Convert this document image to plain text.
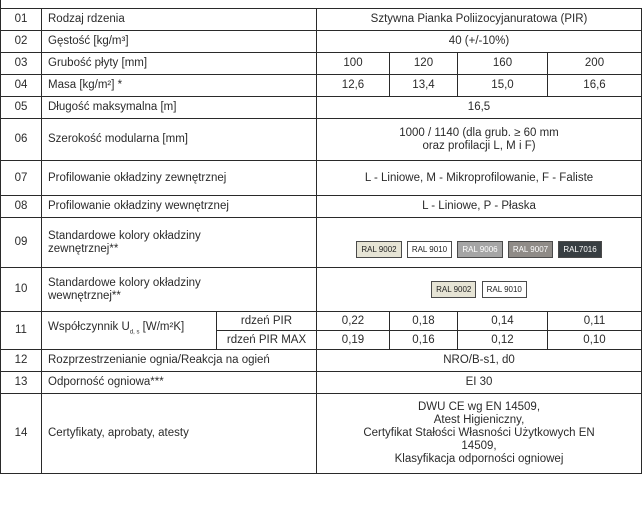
01	Rodzaj rdzenia		Sztywna Pianka Poliizocyjanuratowa (PIR)			
02	Gęstość [kg/m³]		40 (+/-10%)			
03	Grubość płyty [mm]		100	120	160	200
04	Masa [kg/m²] *		12,6	13,4	15,0	16,6
05	Długość maksymalna [m]		16,5			
06	Szerokość modularna [mm]		1000 / 1140 (dla grub. ≥ 60 mm
oraz profilacji L, M i F)			

07	Profilowanie okładziny zewnętrznej		L - Liniowe, M - Mikroprofilowanie, F - Faliste			
08	Profilowanie okładziny wewnętrznej		L - Liniowe, P - Płaska			
09	Standardowe kolory okładziny
zewnętrznej**		RAL 9002 RAL 9010 RAL 9006 RAL 9007 RAL7016			
10	Standardowe kolory okładziny
wewnętrznej**		RAL 9002 RAL 9010			
11	Współczynnik $U_{d, s}$ [W/m²K]	rdzeń PIR	0,22	0,18	0,14	0,11
		rdzeń PIR MAX	0,19	0,16	0,12	0,10
12	Rozprzestrzenianie ognia/Reakcja na ogień		NRO/B-s1, d0			
13	Odporność ogniowa***		EI 30			
14	Certyfikaty, aprobaty, atesty		DWU CE wg EN 14509,
Atest Higieniczny,
Certyfikat Stałości Własności Użytkowych EN
14509,
Klasyfikacja odporności ogniowej			
